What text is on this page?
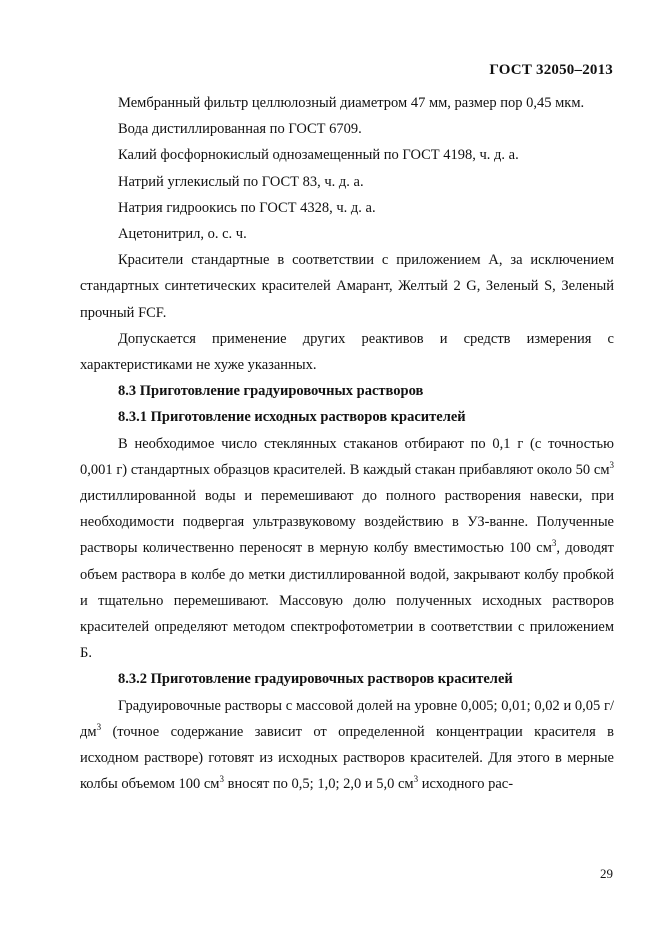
ГОСТ 32050–2013

Мембранный фильтр целлюлозный диаметром 47 мм, размер пор 0,45 мкм.

Вода дистиллированная по ГОСТ 6709.

Калий фосфорнокислый однозамещенный по ГОСТ 4198, ч. д. а.

Натрий углекислый по ГОСТ 83, ч. д. а.

Натрия гидроокись по ГОСТ 4328, ч. д. а.

Ацетонитрил, о. с. ч.

Красители стандартные в соответствии с приложением А, за исключением стандартных синтетических красителей Амарант, Желтый 2 G, Зеленый S, Зеленый прочный FCF.

Допускается применение других реактивов и средств измерения с характеристиками не хуже указанных.

8.3 Приготовление градуировочных растворов

8.3.1 Приготовление исходных растворов красителей

В необходимое число стеклянных стаканов отбирают по 0,1 г (с точностью 0,001 г) стандартных образцов красителей. В каждый стакан прибавляют около 50 $см^3$ дистиллированной воды и перемешивают до полного растворения навески, при необходимости подвергая ультразвуковому воздействию в УЗ-ванне. Полученные растворы количественно переносят в мерную колбу вместимостью 100 $см^3$, доводят объем раствора в колбе до метки дистиллированной водой, закрывают колбу пробкой и тщательно перемешивают. Массовую долю полученных исходных растворов красителей определяют методом спектрофотометрии в соответствии с приложением Б.

8.3.2 Приготовление градуировочных растворов красителей

Градуировочные растворы с массовой долей на уровне 0,005; 0,01; 0,02 и 0,05 $г/дм^3$ (точное содержание зависит от определенной концентрации красителя в исходном растворе) готовят из исходных растворов красителей. Для этого в мерные колбы объемом 100 $см^3$ вносят по 0,5; 1,0; 2,0 и 5,0 $см^3$ исходного рас-

29
